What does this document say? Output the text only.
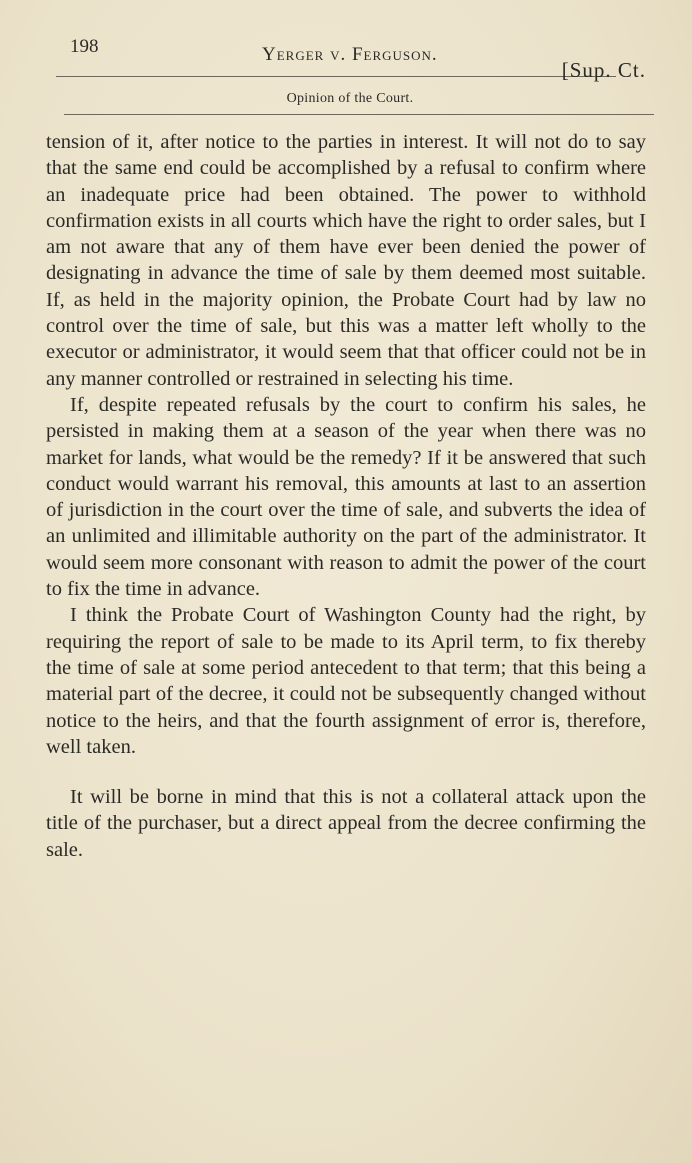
198	Yerger v. Ferguson.
[Sup. Ct.
Opinion of the Court.

tension of it, after notice to the parties in interest. It will not do to say that the same end could be accomplished by a refusal to confirm where an inadequate price had been obtained. The power to withhold confirmation exists in all courts which have the right to order sales, but I am not aware that any of them have ever been denied the power of designating in advance the time of sale by them deemed most suitable. If, as held in the majority opinion, the Probate Court had by law no control over the time of sale, but this was a matter left wholly to the executor or administrator, it would seem that that officer could not be in any manner controlled or restrained in selecting his time.

If, despite repeated refusals by the court to confirm his sales, he persisted in making them at a season of the year when there was no market for lands, what would be the remedy? If it be answered that such conduct would warrant his removal, this amounts at last to an assertion of jurisdiction in the court over the time of sale, and subverts the idea of an unlimited and illimitable authority on the part of the administrator. It would seem more consonant with reason to admit the power of the court to fix the time in advance.

I think the Probate Court of Washington County had the right, by requiring the report of sale to be made to its April term, to fix thereby the time of sale at some period antecedent to that term; that this being a material part of the decree, it could not be subsequently changed without notice to the heirs, and that the fourth assignment of error is, therefore, well taken.

It will be borne in mind that this is not a collateral attack upon the title of the purchaser, but a direct appeal from the decree confirming the sale.
